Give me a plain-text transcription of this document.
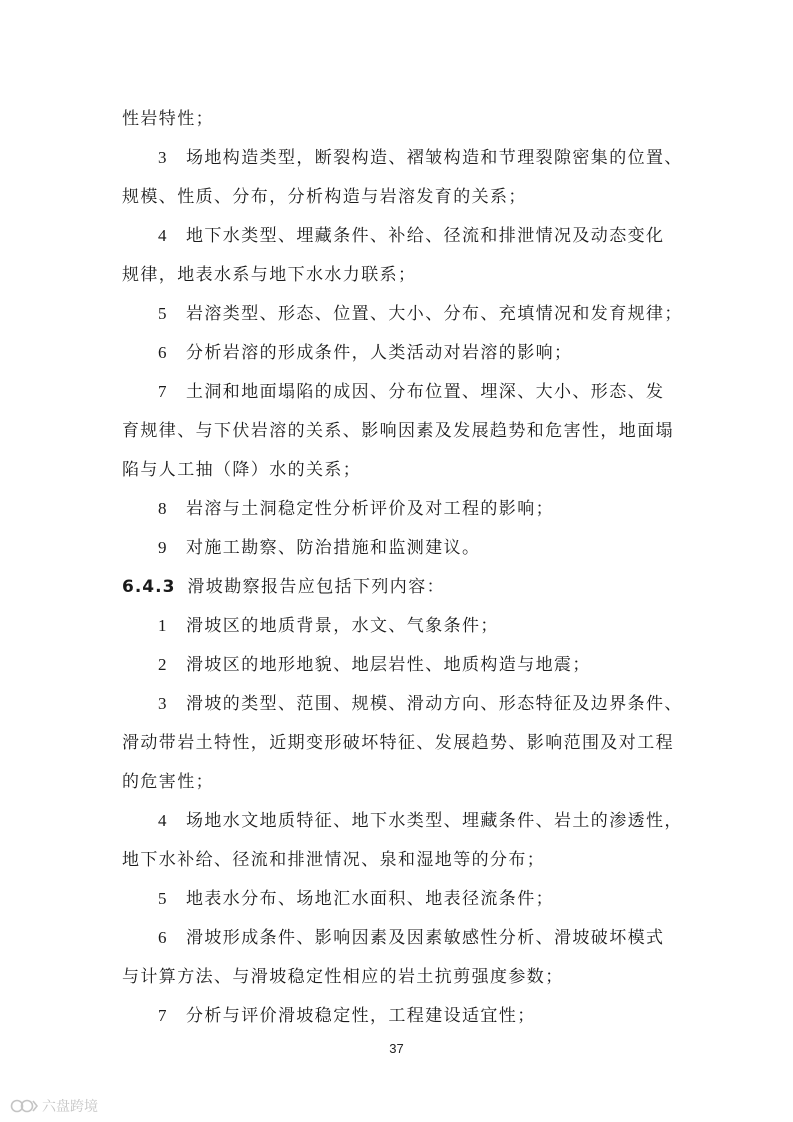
性岩特性；
3 场地构造类型，断裂构造、褶皱构造和节理裂隙密集的位置、
规模、性质、分布，分析构造与岩溶发育的关系；
4 地下水类型、埋藏条件、补给、径流和排泄情况及动态变化
规律，地表水系与地下水水力联系；
5 岩溶类型、形态、位置、大小、分布、充填情况和发育规律；
6 分析岩溶的形成条件，人类活动对岩溶的影响；
7 土洞和地面塌陷的成因、分布位置、埋深、大小、形态、发
育规律、与下伏岩溶的关系、影响因素及发展趋势和危害性，地面塌
陷与人工抽（降）水的关系；
8 岩溶与土洞稳定性分析评价及对工程的影响；
9 对施工勘察、防治措施和监测建议。
6.4.3 滑坡勘察报告应包括下列内容：
1 滑坡区的地质背景，水文、气象条件；
2 滑坡区的地形地貌、地层岩性、地质构造与地震；
3 滑坡的类型、范围、规模、滑动方向、形态特征及边界条件、
滑动带岩土特性，近期变形破坏特征、发展趋势、影响范围及对工程
的危害性；
4 场地水文地质特征、地下水类型、埋藏条件、岩土的渗透性，
地下水补给、径流和排泄情况、泉和湿地等的分布；
5 地表水分布、场地汇水面积、地表径流条件；
6 滑坡形成条件、影响因素及因素敏感性分析、滑坡破坏模式
与计算方法、与滑坡稳定性相应的岩土抗剪强度参数；
7 分析与评价滑坡稳定性，工程建设适宜性；
37
六盘跨境
